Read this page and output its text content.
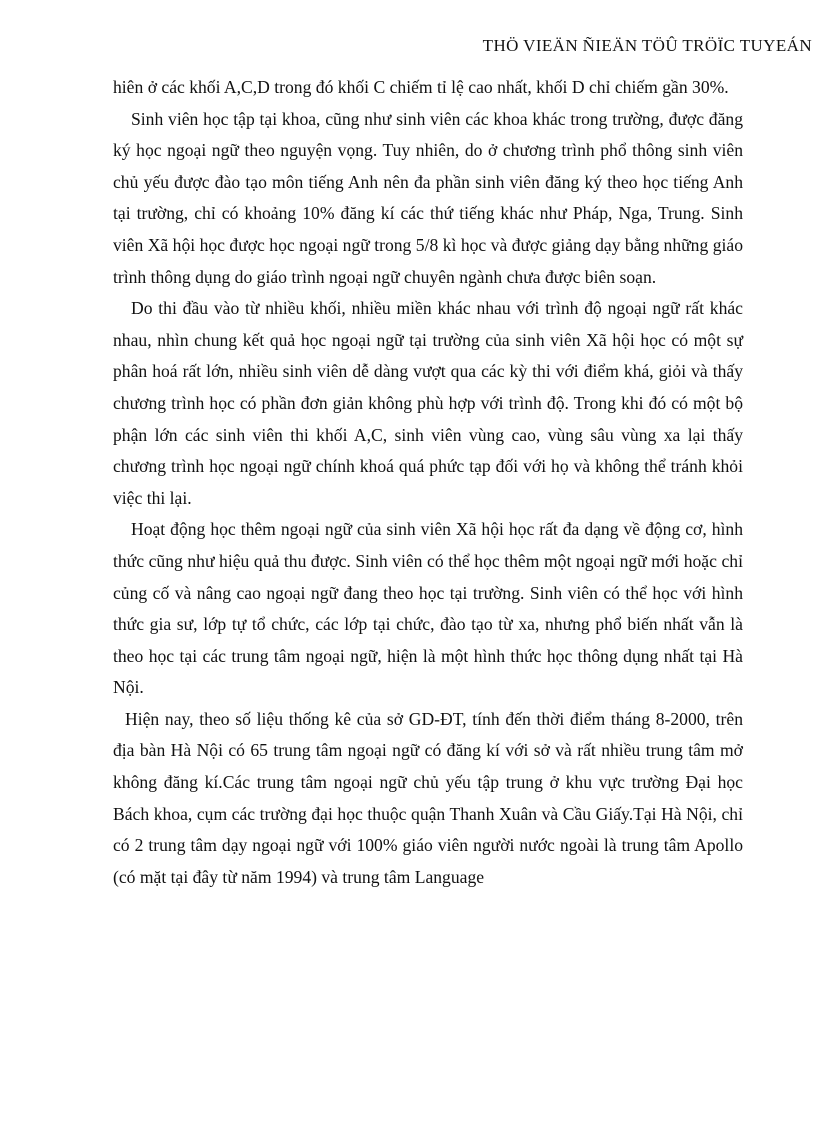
THÖ VIEÄN ÑIEÄN TÖÛ TRÖÏC TUYEÁN

hiên ở các khối A,C,D trong đó khối C chiếm tỉ lệ cao nhất, khối D chỉ chiếm gần 30%.

Sinh viên học tập tại khoa, cũng như sinh viên các khoa khác trong trường, được đăng ký học ngoại ngữ theo nguyện vọng. Tuy nhiên, do ở chương trình phổ thông sinh viên chủ yếu được đào tạo môn tiếng Anh nên đa phần sinh viên đăng ký theo học tiếng Anh tại trường, chỉ có khoảng 10% đăng kí các thứ tiếng khác như Pháp, Nga, Trung. Sinh viên Xã hội học được học ngoại ngữ trong 5/8 kì học và được giảng dạy bằng những giáo trình thông dụng do giáo trình ngoại ngữ chuyên ngành chưa được biên soạn.

Do thi đầu vào từ nhiều khối, nhiều miền khác nhau với trình độ ngoại ngữ rất khác nhau, nhìn chung kết quả học ngoại ngữ tại trường của sinh viên Xã hội học có một sự phân hoá rất lớn, nhiều sinh viên dễ dàng vượt qua các kỳ thi với điểm khá, giỏi và thấy chương trình học có phần đơn giản không phù hợp với trình độ. Trong khi đó có một bộ phận lớn các sinh viên thi khối A,C, sinh viên vùng cao, vùng sâu vùng xa lại thấy chương trình học ngoại ngữ chính khoá quá phức tạp đối với họ và không thể tránh khỏi việc thi lại.

Hoạt động học thêm ngoại ngữ của sinh viên Xã hội học rất đa dạng về động cơ, hình thức cũng như hiệu quả thu được. Sinh viên có thể học thêm một ngoại ngữ mới hoặc chỉ củng cố và nâng cao ngoại ngữ đang theo học tại trường. Sinh viên có thể học với hình thức gia sư, lớp tự tổ chức, các lớp tại chức, đào tạo từ xa, nhưng phổ biến nhất vẫn là theo học tại các trung tâm ngoại ngữ, hiện là một hình thức học thông dụng nhất tại Hà Nội.

Hiện nay, theo số liệu thống kê của sở GD-ĐT, tính đến thời điểm tháng 8-2000, trên địa bàn Hà Nội có 65 trung tâm ngoại ngữ có đăng kí với sở và rất nhiều trung tâm mở không đăng kí.Các trung tâm ngoại ngữ chủ yếu tập trung ở khu vực trường Đại học Bách khoa, cụm các trường đại học thuộc quận Thanh Xuân và Cầu Giấy.Tại Hà Nội, chỉ có 2 trung tâm dạy ngoại ngữ với 100% giáo viên người nước ngoài là trung tâm Apollo (có mặt tại đây từ năm 1994) và trung tâm Language
